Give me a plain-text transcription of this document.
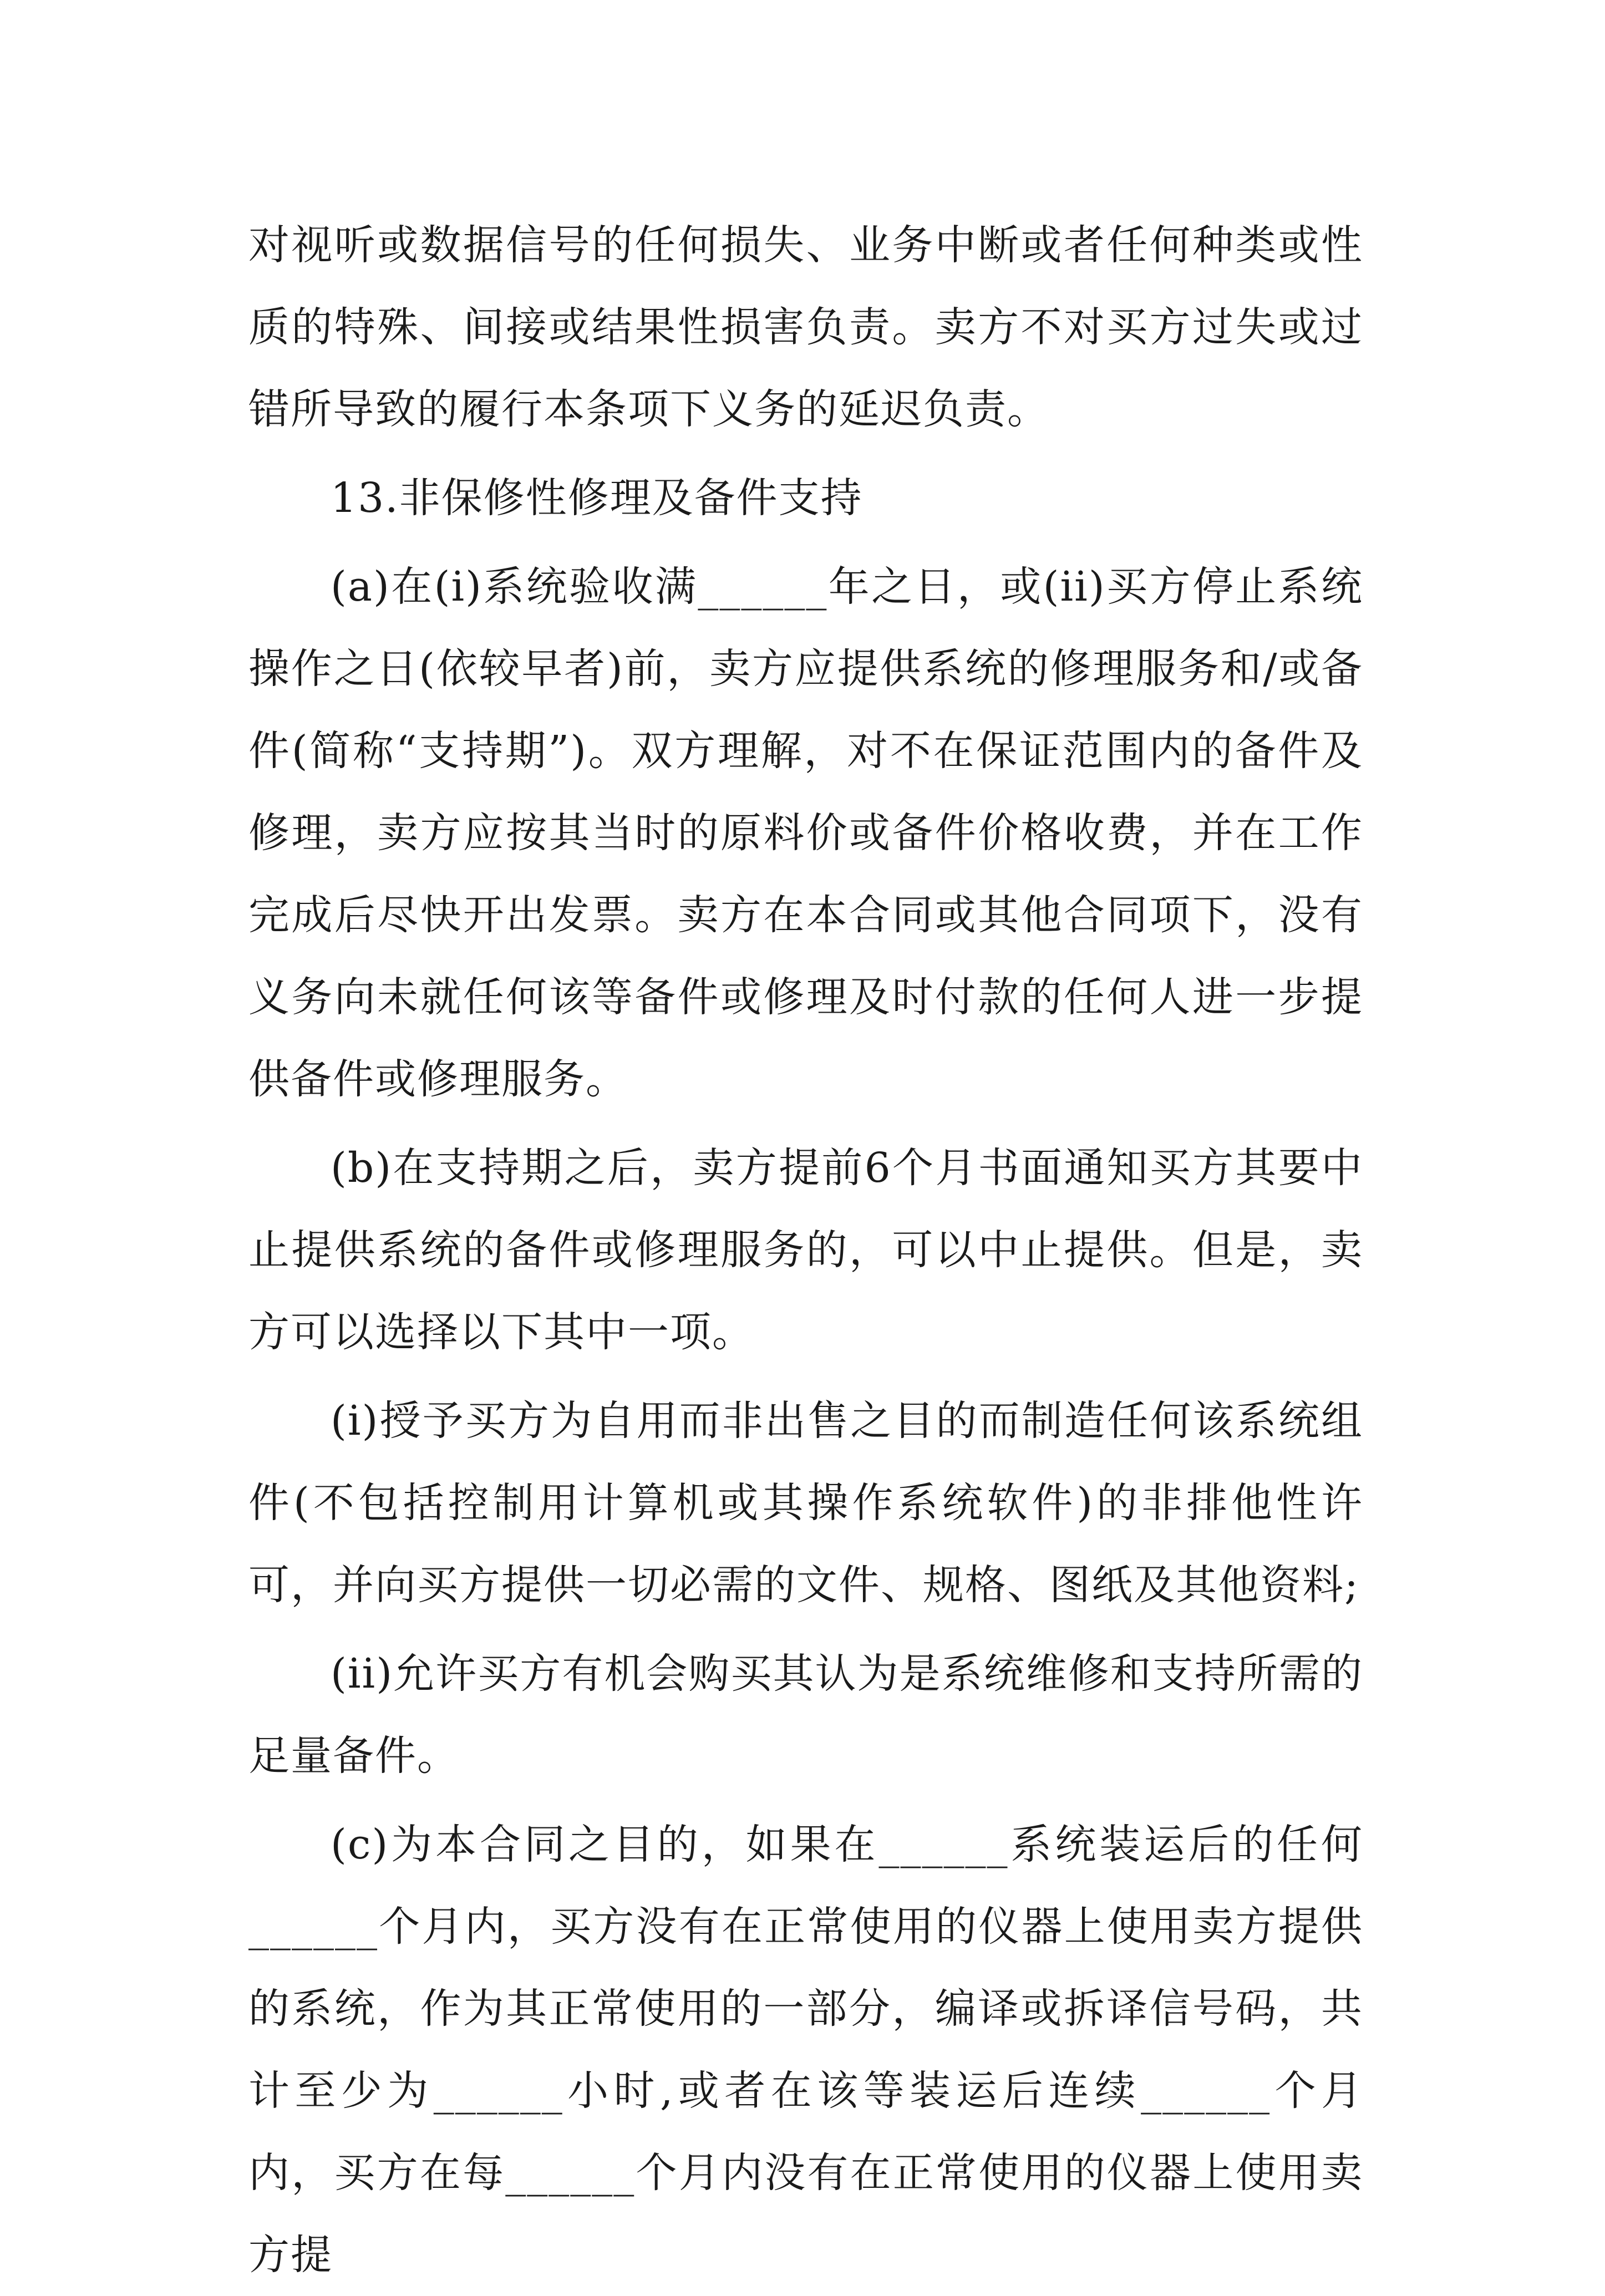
对视听或数据信号的任何损失、业务中断或者任何种类或性质的特殊、间接或结果性损害负责。卖方不对买方过失或过错所导致的履行本条项下义务的延迟负责。

13.非保修性修理及备件支持

(a)在(i)系统验收满______年之日，或(ii)买方停止系统操作之日(依较早者)前，卖方应提供系统的修理服务和/或备件(简称“支持期”)。双方理解，对不在保证范围内的备件及修理，卖方应按其当时的原料价或备件价格收费，并在工作完成后尽快开出发票。卖方在本合同或其他合同项下，没有义务向未就任何该等备件或修理及时付款的任何人进一步提供备件或修理服务。

(b)在支持期之后，卖方提前6个月书面通知买方其要中止提供系统的备件或修理服务的，可以中止提供。但是，卖方可以选择以下其中一项。

(i)授予买方为自用而非出售之目的而制造任何该系统组件(不包括控制用计算机或其操作系统软件)的非排他性许可，并向买方提供一切必需的文件、规格、图纸及其他资料;

(ii)允许买方有机会购买其认为是系统维修和支持所需的足量备件。

(c)为本合同之目的，如果在______系统装运后的任何______个月内，买方没有在正常使用的仪器上使用卖方提供的系统，作为其正常使用的一部分，编译或拆译信号码，共计至少为______小时,或者在该等装运后连续______个月内，买方在每______个月内没有在正常使用的仪器上使用卖方提
